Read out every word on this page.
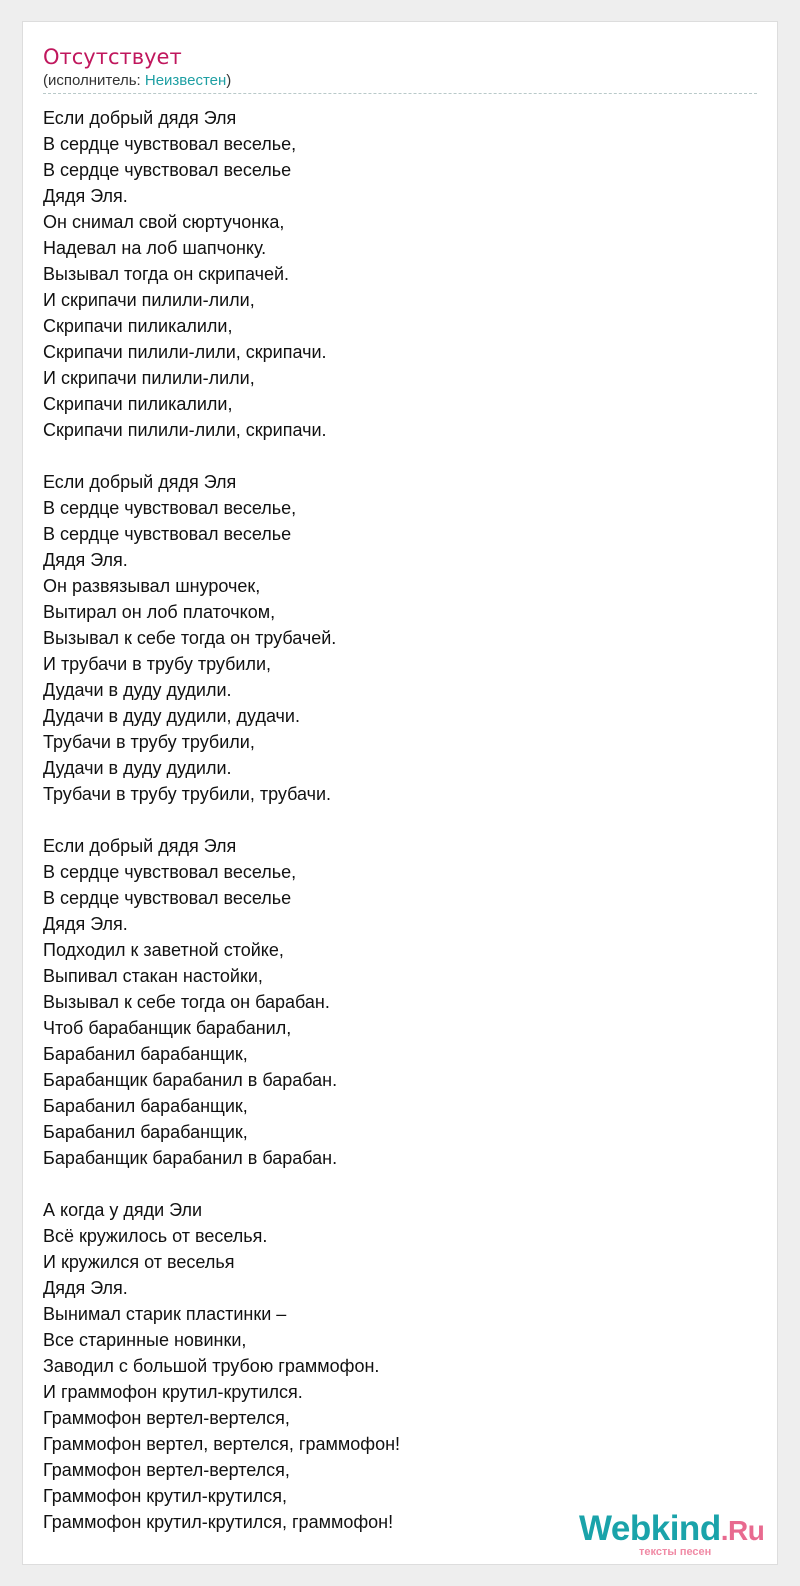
Отсутствует
(исполнитель: Неизвестен)
Если добрый дядя Эля
В сердце чувствовал веселье,
В сердце чувствовал веселье
Дядя Эля.
Он снимал свой сюртучонка,
Надевал на лоб шапчонку.
Вызывал тогда он скрипачей.
И скрипачи пилили-лили,
Скрипачи пиликалили,
Скрипачи пилили-лили, скрипачи.
И скрипачи пилили-лили,
Скрипачи пиликалили,
Скрипачи пилили-лили, скрипачи.
Если добрый дядя Эля
В сердце чувствовал веселье,
В сердце чувствовал веселье
Дядя Эля.
Он развязывал шнурочек,
Вытирал он лоб платочком,
Вызывал к себе тогда он трубачей.
И трубачи в трубу трубили,
Дудачи в дуду дудили.
Дудачи в дуду дудили, дудачи.
Трубачи в трубу трубили,
Дудачи в дуду дудили.
Трубачи в трубу трубили, трубачи.
Если добрый дядя Эля
В сердце чувствовал веселье,
В сердце чувствовал веселье
Дядя Эля.
Подходил к заветной стойке,
Выпивал стакан настойки,
Вызывал к себе тогда он барабан.
Чтоб барабанщик барабанил,
Барабанил барабанщик,
Барабанщик барабанил в барабан.
Барабанил барабанщик,
Барабанил барабанщик,
Барабанщик барабанил в барабан.
А когда у дяди Эли
Всё кружилось от веселья.
И кружился от веселья
Дядя Эля.
Вынимал старик пластинки –
Все старинные новинки,
Заводил с большой трубою граммофон.
И граммофон крутил-крутился.
Граммофон вертел-вертелся,
Граммофон вертел, вертелся, граммофон!
Граммофон вертел-вертелся,
Граммофон крутил-крутился,
Граммофон крутил-крутился, граммофон!	Webkind.Ru
тексты песен
